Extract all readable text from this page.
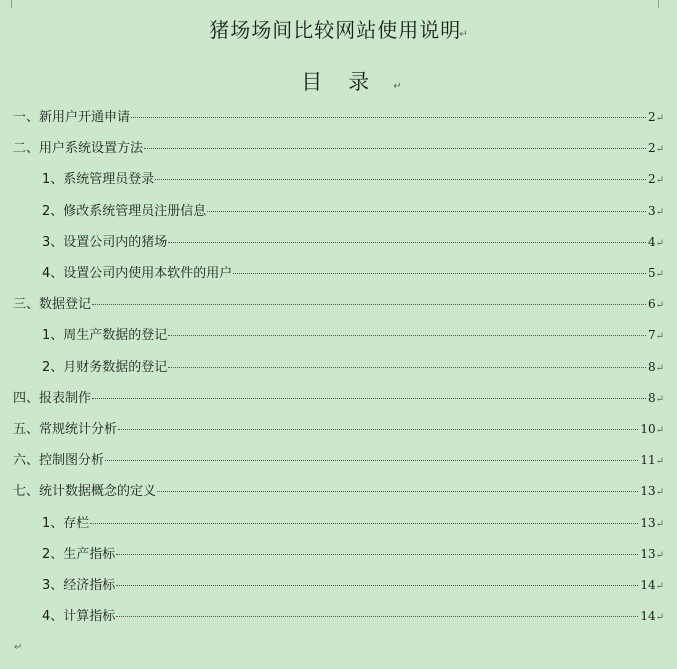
猪场场间比较网站使用说明↵
目录↵
一、新用户开通申请	2↵
二、用户系统设置方法	2↵
1、系统管理员登录	2↵
2、修改系统管理员注册信息	3↵
3、设置公司内的猪场	4↵
4、设置公司内使用本软件的用户	5↵
三、数据登记	6↵
1、周生产数据的登记	7↵
2、月财务数据的登记	8↵
四、报表制作	8↵
五、常规统计分析	10↵
六、控制图分析	11↵
七、统计数据概念的定义	13↵
1、存栏	13↵
2、生产指标	13↵
3、经济指标	14↵
4、计算指标	14↵
↵
